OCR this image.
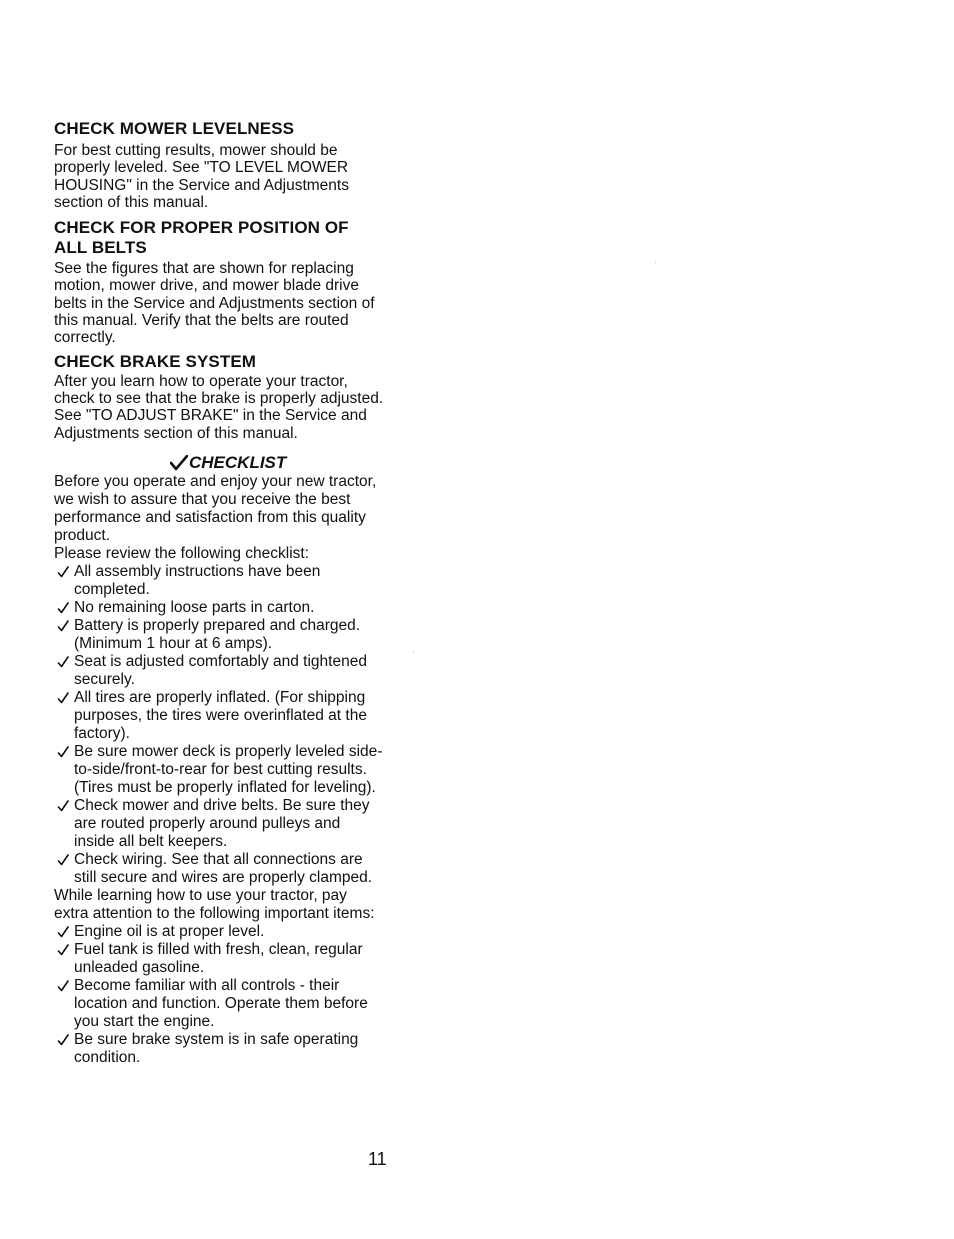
CHECK MOWER LEVELNESS

For best cutting results, mower should be properly leveled. See "TO LEVEL MOWER HOUSING" in the Service and Adjustments section of this manual.

CHECK FOR PROPER POSITION OF ALL BELTS

See the figures that are shown for replacing motion, mower drive, and mower blade drive belts in the Service and Adjustments section of this manual. Verify that the belts are routed correctly.

CHECK BRAKE SYSTEM

After you learn how to operate your tractor, check to see that the brake is properly adjusted. See "TO ADJUST BRAKE" in the Service and Adjustments section of this manual.

CHECKLIST

Before you operate and enjoy your new tractor, we wish to assure that you receive the best performance and satisfaction from this quality product.

Please review the following checklist:

All assembly instructions have been completed.
No remaining loose parts in carton.
Battery is properly prepared and charged. (Minimum 1 hour at 6 amps).
Seat is adjusted comfortably and tightened securely.
All tires are properly inflated. (For shipping purposes, the tires were overinflated at the factory).
Be sure mower deck is properly leveled side-to-side/front-to-rear for best cutting results. (Tires must be properly inflated for leveling).
Check mower and drive belts. Be sure they are routed properly around pulleys and inside all belt keepers.
Check wiring. See that all connections are still secure and wires are properly clamped.

While learning how to use your tractor, pay extra attention to the following important items:

Engine oil is at proper level.
Fuel tank is filled with fresh, clean, regular unleaded gasoline.
Become familiar with all controls - their location and function. Operate them before you start the engine.
Be sure brake system is in safe operating condition.
11
